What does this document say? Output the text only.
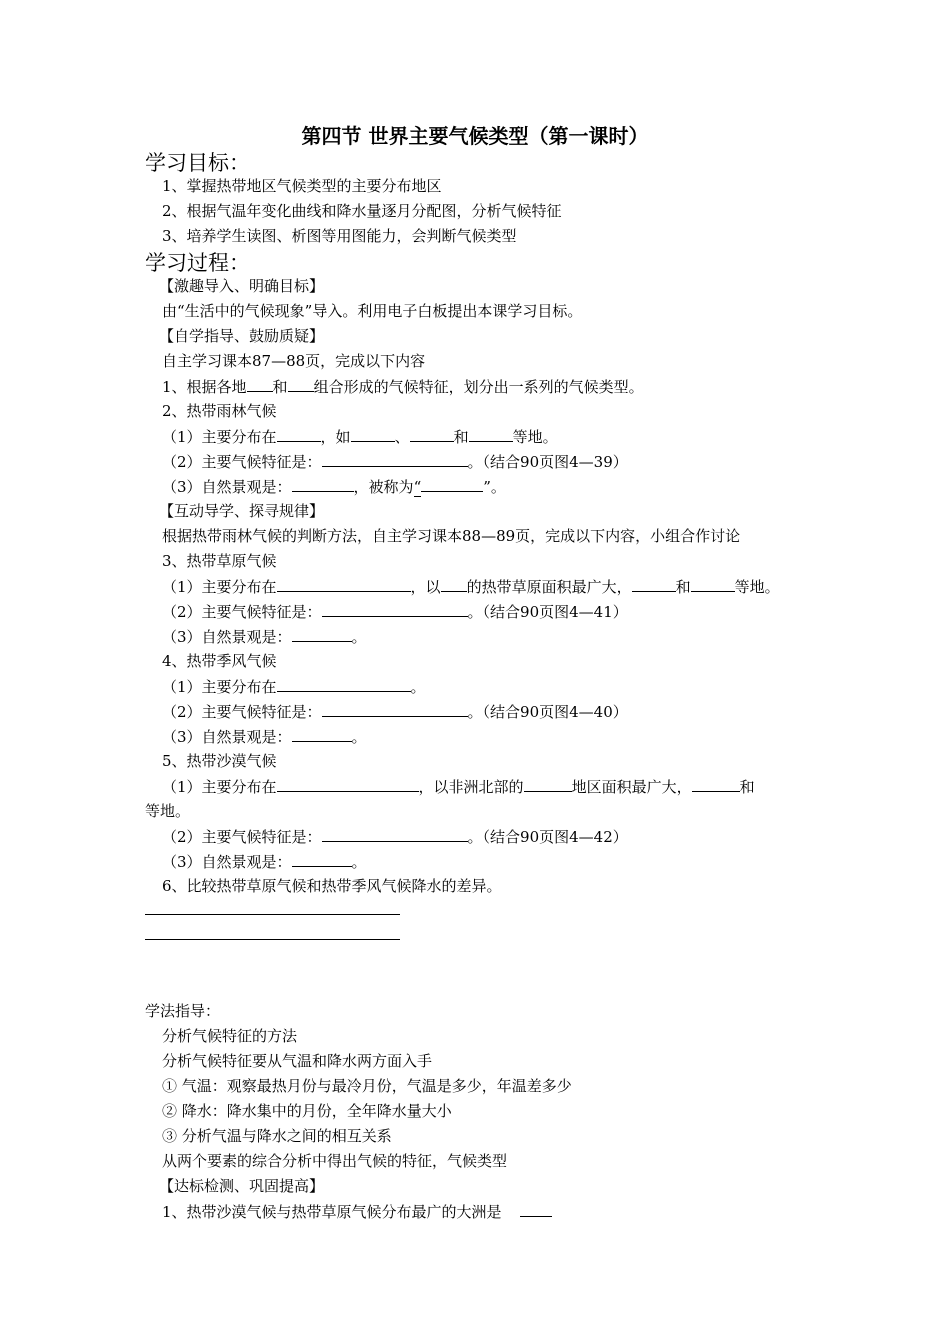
第四节 世界主要气候类型（第一课时）
学习目标：
1、掌握热带地区气候类型的主要分布地区
2、根据气温年变化曲线和降水量逐月分配图，分析气候特征
3、培养学生读图、析图等用图能力，会判断气候类型
学习过程：
【激趣导入、明确目标】
由“生活中的气候现象”导入。利用电子白板提出本课学习目标。
【自学指导、鼓励质疑】
自主学习课本87—88页，完成以下内容
1、根据各地 和 组合形成的气候特征，划分出一系列的气候类型。
2、热带雨林气候
（1）主要分布在	，如	、	和	等地。
（2）主要气候特征是：	。（结合90页图4—39）
（3）自然景观是：	，被称为“	”。
【互动导学、探寻规律】
根据热带雨林气候的判断方法，自主学习课本88—89页，完成以下内容，小组合作讨论
3、热带草原气候
（1）主要分布在	，以 的热带草原面积最广大，	和	等地。
（2）主要气候特征是：	。（结合90页图4—41）
（3）自然景观是：	。
4、热带季风气候
（1）主要分布在	。
（2）主要气候特征是：	。（结合90页图4—40）
（3）自然景观是：	。
5、热带沙漠气候
（1）主要分布在	，以非洲北部的	地区面积最广大，	和
等地。
（2）主要气候特征是：	。（结合90页图4—42）
（3）自然景观是：	。
6、比较热带草原气候和热带季风气候降水的差异。
学法指导：
分析气候特征的方法
分析气候特征要从气温和降水两方面入手
① 气温：观察最热月份与最冷月份，气温是多少，年温差多少
② 降水：降水集中的月份，全年降水量大小
③ 分析气温与降水之间的相互关系
从两个要素的综合分析中得出气候的特征，气候类型
【达标检测、巩固提高】
1、热带沙漠气候与热带草原气候分布最广的大洲是
